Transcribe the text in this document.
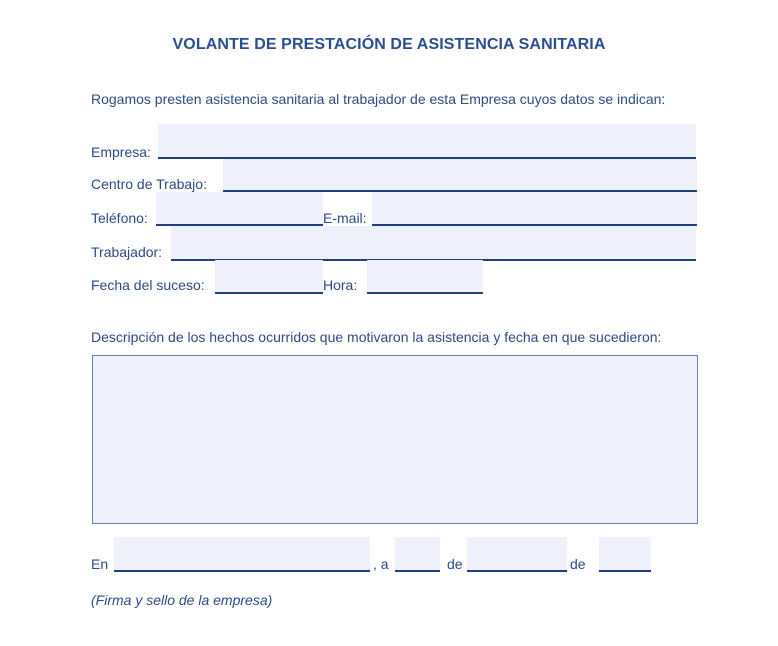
VOLANTE DE PRESTACIÓN DE ASISTENCIA SANITARIA
Rogamos presten asistencia sanitaria al trabajador de esta Empresa cuyos datos se indican:
Empresa:
Centro de Trabajo:
Teléfono:	E-mail:
Trabajador:
Fecha del suceso:	Hora:
Descripción de los hechos ocurridos que motivaron la asistencia y fecha en que sucedieron:
En	, a	de	de
(Firma y sello de la empresa)
